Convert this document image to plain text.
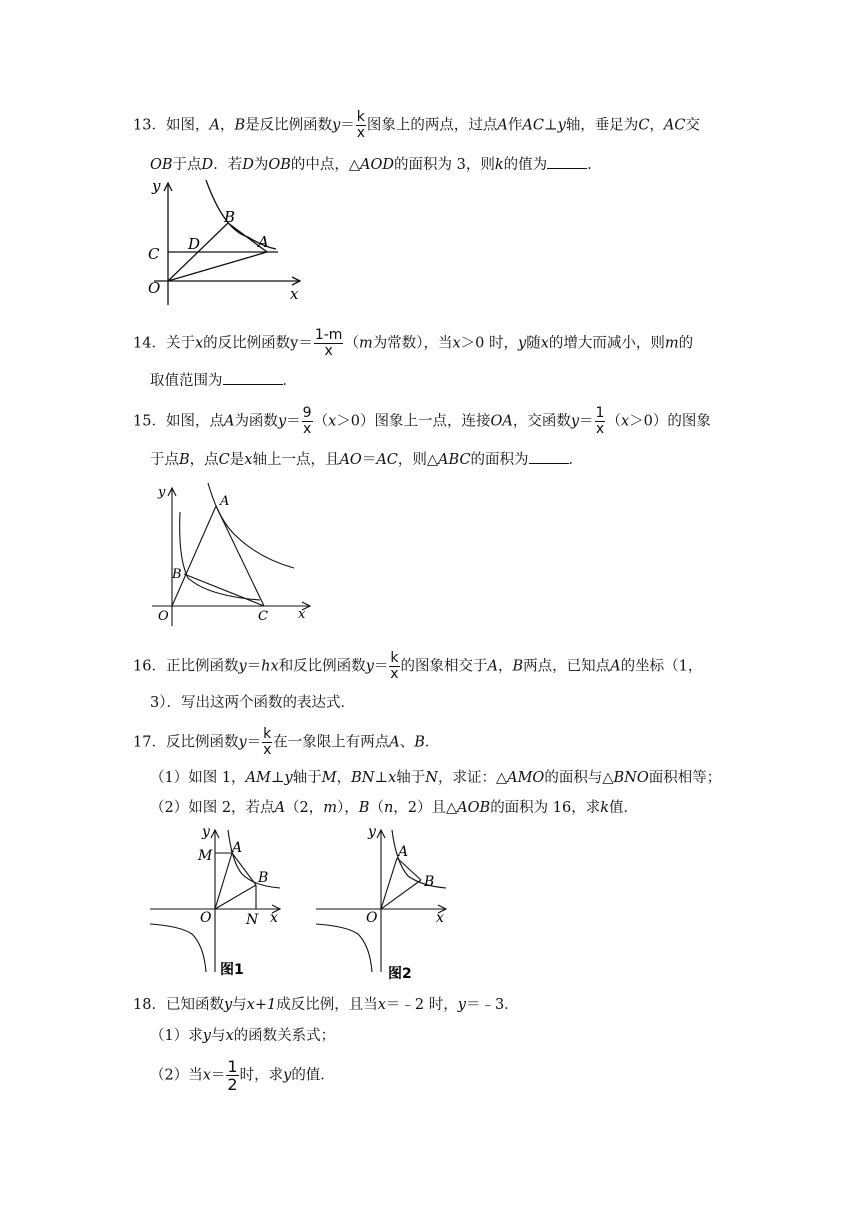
13．如图，A，B是反比例函数$y= \frac{k}{x}$ 图象上的两点，过点A作AC⊥y轴，垂足为C，AC交
OB于点D．若D为OB的中点，△AOD的面积为 3，则k的值为	．
y
x
O
C
D
B
A
14．关于x的反比例函数$y= \frac{1-m}{x} (m$为常数），当x＞0 时，y随x的增大而减小，则m的
取值范围为	．
15．如图，点A为函数$y= \frac{9}{x} (x>0)$图象上一点，连接OA，交函数$y= \frac{1}{x} (x>0)$的图象
于点B，点C是x轴上一点，且AO＝AC，则△ABC的面积为	．
y
x
O
A
B
C
16．正比例函数y＝hx和反比例函数$y= \frac{k}{x}$ 的图象相交于A，B两点，已知点A的坐标（1，
3）．写出这两个函数的表达式．
17．反比例函数$y= \frac{k}{x}$ 在一象限上有两点A、B．
（1）如图 1，AM⊥y轴于M，BN⊥x轴于N，求证：△AMO的面积与△BNO面积相等；
（2）如图 2，若点A（2，m），B（n，2）且△AOB的面积为 16，求k值．
y
x
O
M A
B
N
图1
y
x
O
A
B
图2
18．已知函数y与x+1成反比例，且当x＝﹣2 时，y＝﹣3．
（1）求y与x的函数关系式；
（2）当$x= \frac{1}{2}$ 时，求y的值．
